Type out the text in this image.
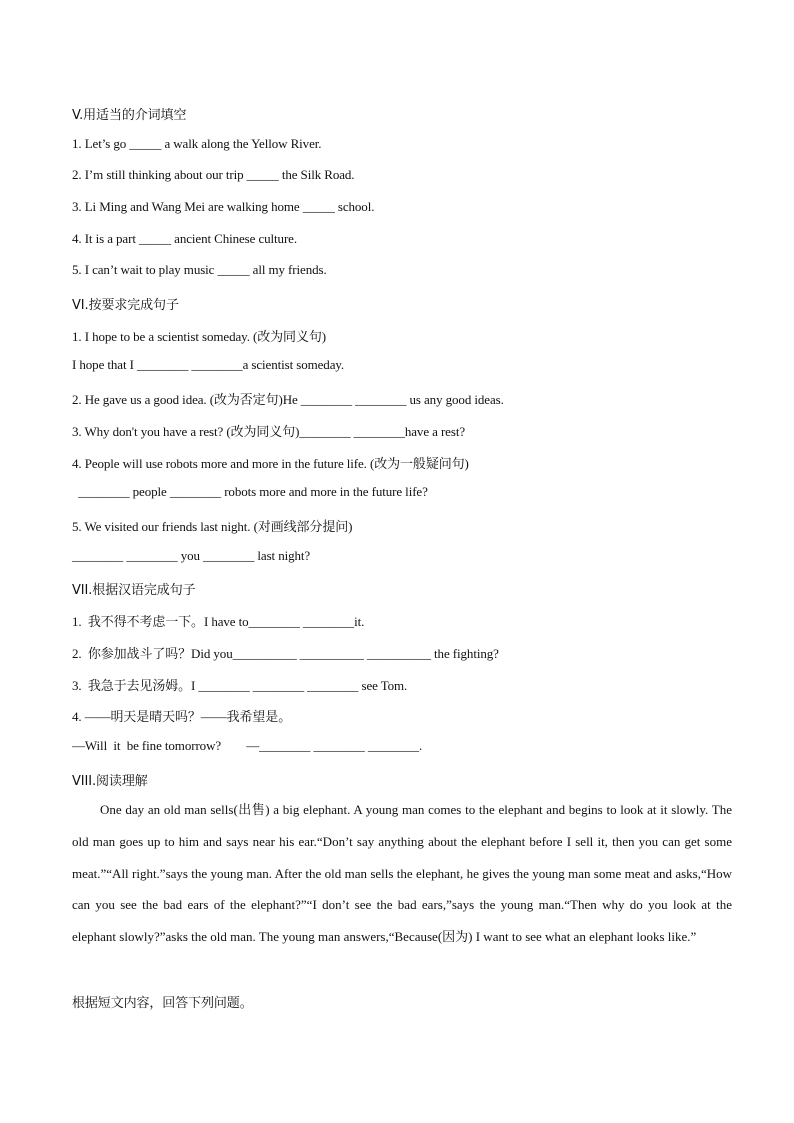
V.用适当的介词填空
1. Let’s go _____ a walk along the Yellow River.
2. I’m still thinking about our trip _____ the Silk Road.
3. Li Ming and Wang Mei are walking home _____ school.
4. It is a part _____ ancient Chinese culture.
5. I can’t wait to play music _____ all my friends.
VI.按要求完成句子
1. I hope to be a scientist someday. (改为同义句)
I hope that I ________ ________a scientist someday.
2. He gave us a good idea. (改为否定句)He ________ ________ us any good ideas.
3. Why don't you have a rest? (改为同义句)________ ________have a rest?
4. People will use robots more and more in the future life. (改为一般疑问句)
________ people ________ robots more and more in the future life?
5. We visited our friends last night. (对画线部分提问)
________ ________ you ________ last night?
VII.根据汉语完成句子
1.  我不得不考虑一下。I have to________ ________it.
2.  你参加战斗了吗？Did you__________ __________ __________ the fighting?
3.  我急于去见汤姆。I ________ ________ ________ see Tom.
4. ——明天是晴天吗？——我希望是。
—Will  it  be fine tomorrow?        —________ ________ ________.
VIII.阅读理解
One day an old man sells(出售) a big elephant. A young man comes to the elephant and begins to look at it slowly. The old man goes up to him and says near his ear.“Don’t say anything about the elephant before I sell it, then you can get some meat.”“All right.”says the young man. After the old man sells the elephant, he gives the young man some meat and asks,“How can you see the bad ears of the elephant?”“I don’t see the bad ears,”says the young man.“Then why do you look at the elephant slowly?”asks the old man. The young man answers,“Because(因为) I want to see what an elephant looks like.”
根据短文内容，回答下列问题。
